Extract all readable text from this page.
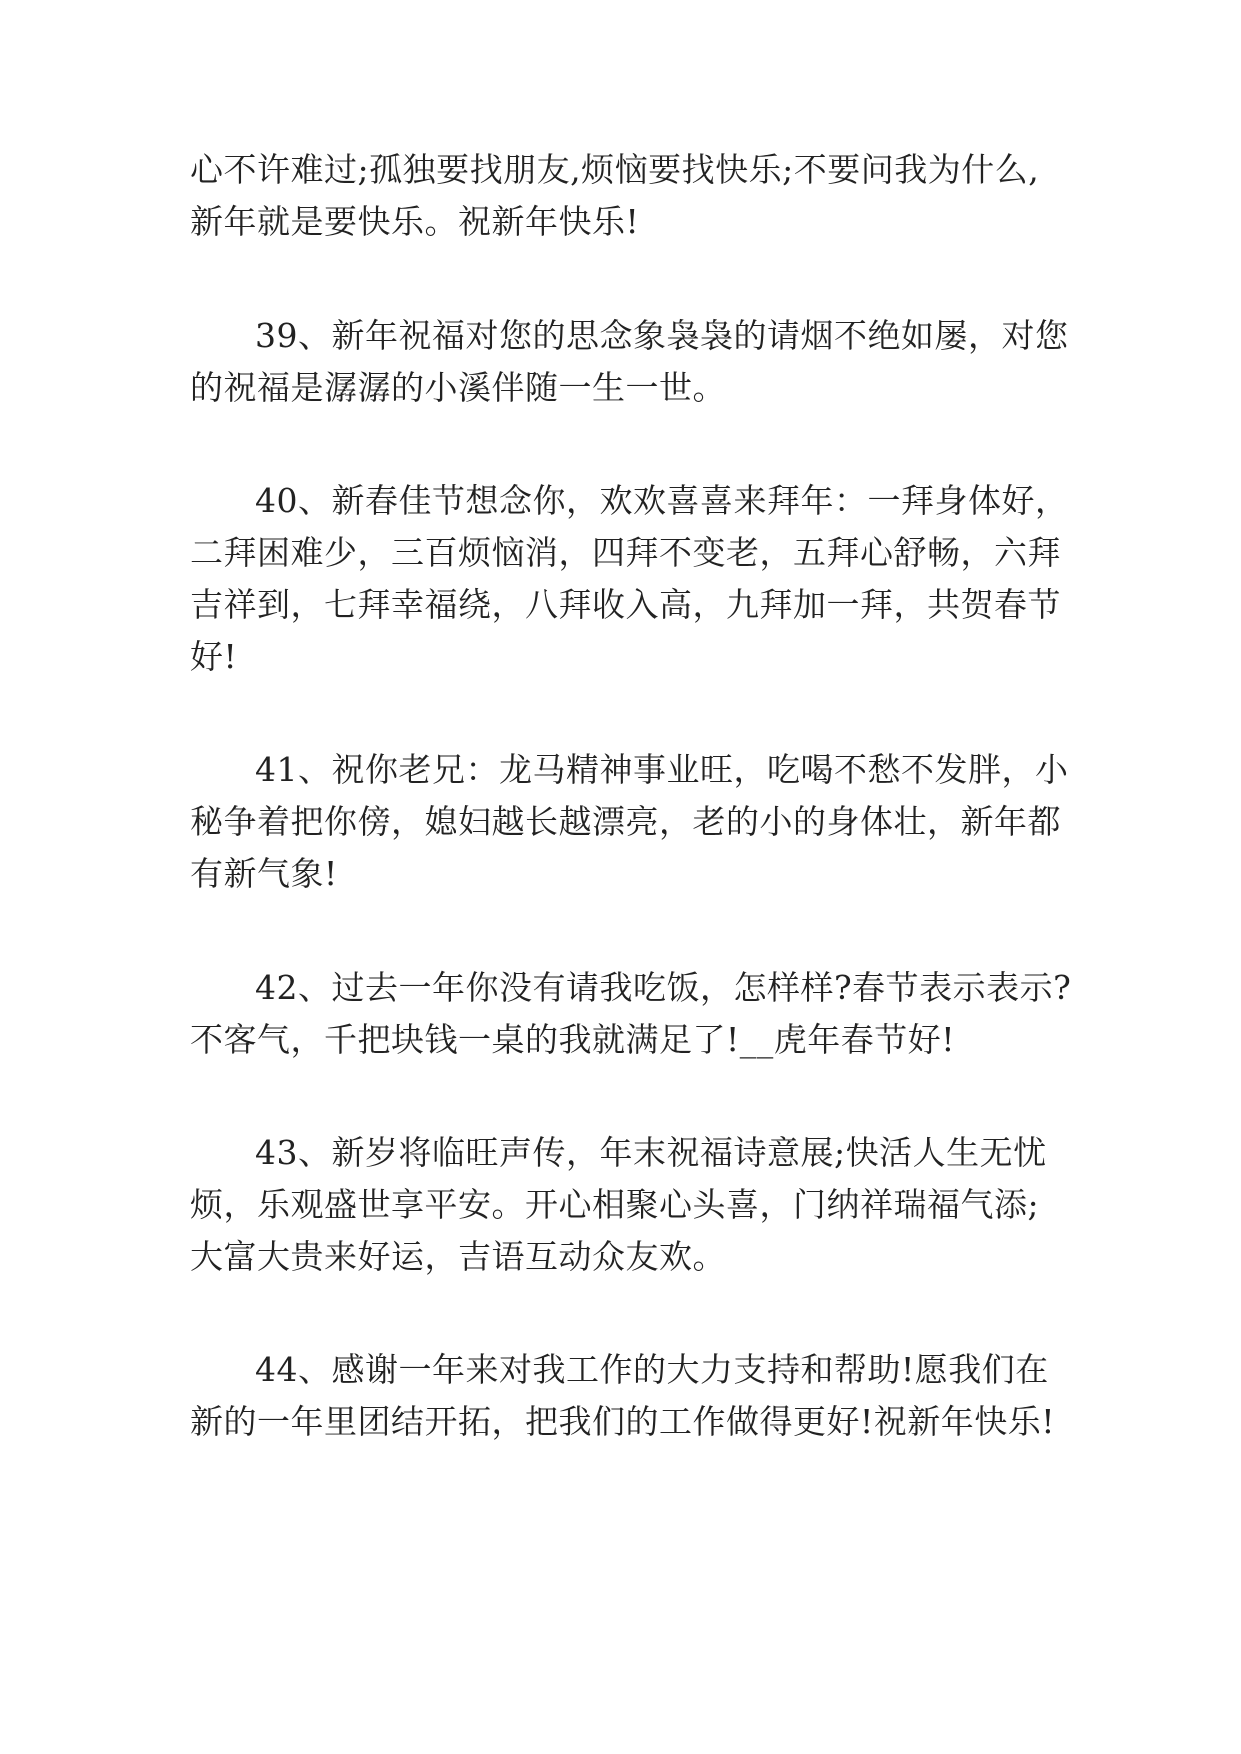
心不许难过;孤独要找朋友,烦恼要找快乐;不要问我为什么,
新年就是要快乐。祝新年快乐!
39、新年祝福对您的思念象袅袅的请烟不绝如屡，对您
的祝福是潺潺的小溪伴随一生一世。
40、新春佳节想念你，欢欢喜喜来拜年：一拜身体好，
二拜困难少，三百烦恼消，四拜不变老，五拜心舒畅，六拜
吉祥到，七拜幸福绕，八拜收入高，九拜加一拜，共贺春节
好!
41、祝你老兄：龙马精神事业旺，吃喝不愁不发胖，小
秘争着把你傍，媳妇越长越漂亮，老的小的身体壮，新年都
有新气象!
42、过去一年你没有请我吃饭，怎样样?春节表示表示?
不客气，千把块钱一桌的我就满足了!__虎年春节好!
43、新岁将临旺声传，年末祝福诗意展;快活人生无忧
烦，乐观盛世享平安。开心相聚心头喜，门纳祥瑞福气添;
大富大贵来好运，吉语互动众友欢。
44、感谢一年来对我工作的大力支持和帮助!愿我们在
新的一年里团结开拓，把我们的工作做得更好!祝新年快乐!
